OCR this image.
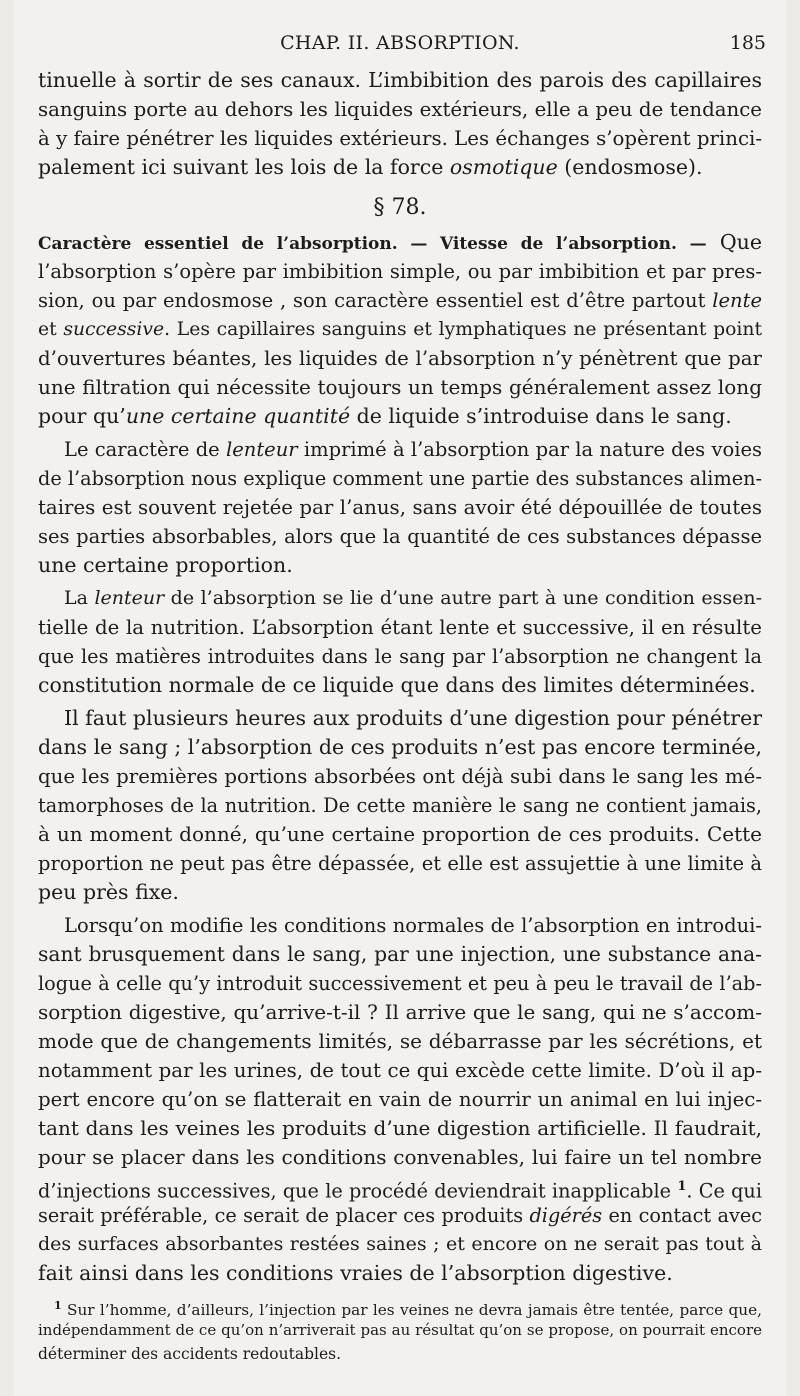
CHAP. II. ABSORPTION.	185
tinuelle à sortir de ses canaux. L’imbibition des parois des capillaires
sanguins porte au dehors les liquides extérieurs, elle a peu de tendance
à y faire pénétrer les liquides extérieurs. Les échanges s’opèrent princi-
palement ici suivant les lois de la force osmotique (endosmose).
§ 78.
Caractère essentiel de l’absorption. — Vitesse de l’absorption. — Que
l’absorption s’opère par imbibition simple, ou par imbibition et par pres-
sion, ou par endosmose , son caractère essentiel est d’être partout lente
et successive. Les capillaires sanguins et lymphatiques ne présentant point
d’ouvertures béantes, les liquides de l’absorption n’y pénètrent que par
une filtration qui nécessite toujours un temps généralement assez long
pour qu’une certaine quantité de liquide s’introduise dans le sang.
Le caractère de lenteur imprimé à l’absorption par la nature des voies
de l’absorption nous explique comment une partie des substances alimen-
taires est souvent rejetée par l’anus, sans avoir été dépouillée de toutes
ses parties absorbables, alors que la quantité de ces substances dépasse
une certaine proportion.
La lenteur de l’absorption se lie d’une autre part à une condition essen-
tielle de la nutrition. L’absorption étant lente et successive, il en résulte
que les matières introduites dans le sang par l’absorption ne changent la
constitution normale de ce liquide que dans des limites déterminées.
Il faut plusieurs heures aux produits d’une digestion pour pénétrer
dans le sang ; l’absorption de ces produits n’est pas encore terminée,
que les premières portions absorbées ont déjà subi dans le sang les mé-
tamorphoses de la nutrition. De cette manière le sang ne contient jamais,
à un moment donné, qu’une certaine proportion de ces produits. Cette
proportion ne peut pas être dépassée, et elle est assujettie à une limite à
peu près fixe.
Lorsqu’on modifie les conditions normales de l’absorption en introdui-
sant brusquement dans le sang, par une injection, une substance ana-
logue à celle qu’y introduit successivement et peu à peu le travail de l’ab-
sorption digestive, qu’arrive-t-il ? Il arrive que le sang, qui ne s’accom-
mode que de changements limités, se débarrasse par les sécrétions, et
notamment par les urines, de tout ce qui excède cette limite. D’où il ap-
pert encore qu’on se flatterait en vain de nourrir un animal en lui injec-
tant dans les veines les produits d’une digestion artificielle. Il faudrait,
pour se placer dans les conditions convenables, lui faire un tel nombre
d’injections successives, que le procédé deviendrait inapplicable $^1$. Ce qui
serait préférable, ce serait de placer ces produits digérés en contact avec
des surfaces absorbantes restées saines ; et encore on ne serait pas tout à
fait ainsi dans les conditions vraies de l’absorption digestive.
$^1$ Sur l’homme, d’ailleurs, l’injection par les veines ne devra jamais être tentée, parce que,
indépendamment de ce qu’on n’arriverait pas au résultat qu’on se propose, on pourrait encore
déterminer des accidents redoutables.
